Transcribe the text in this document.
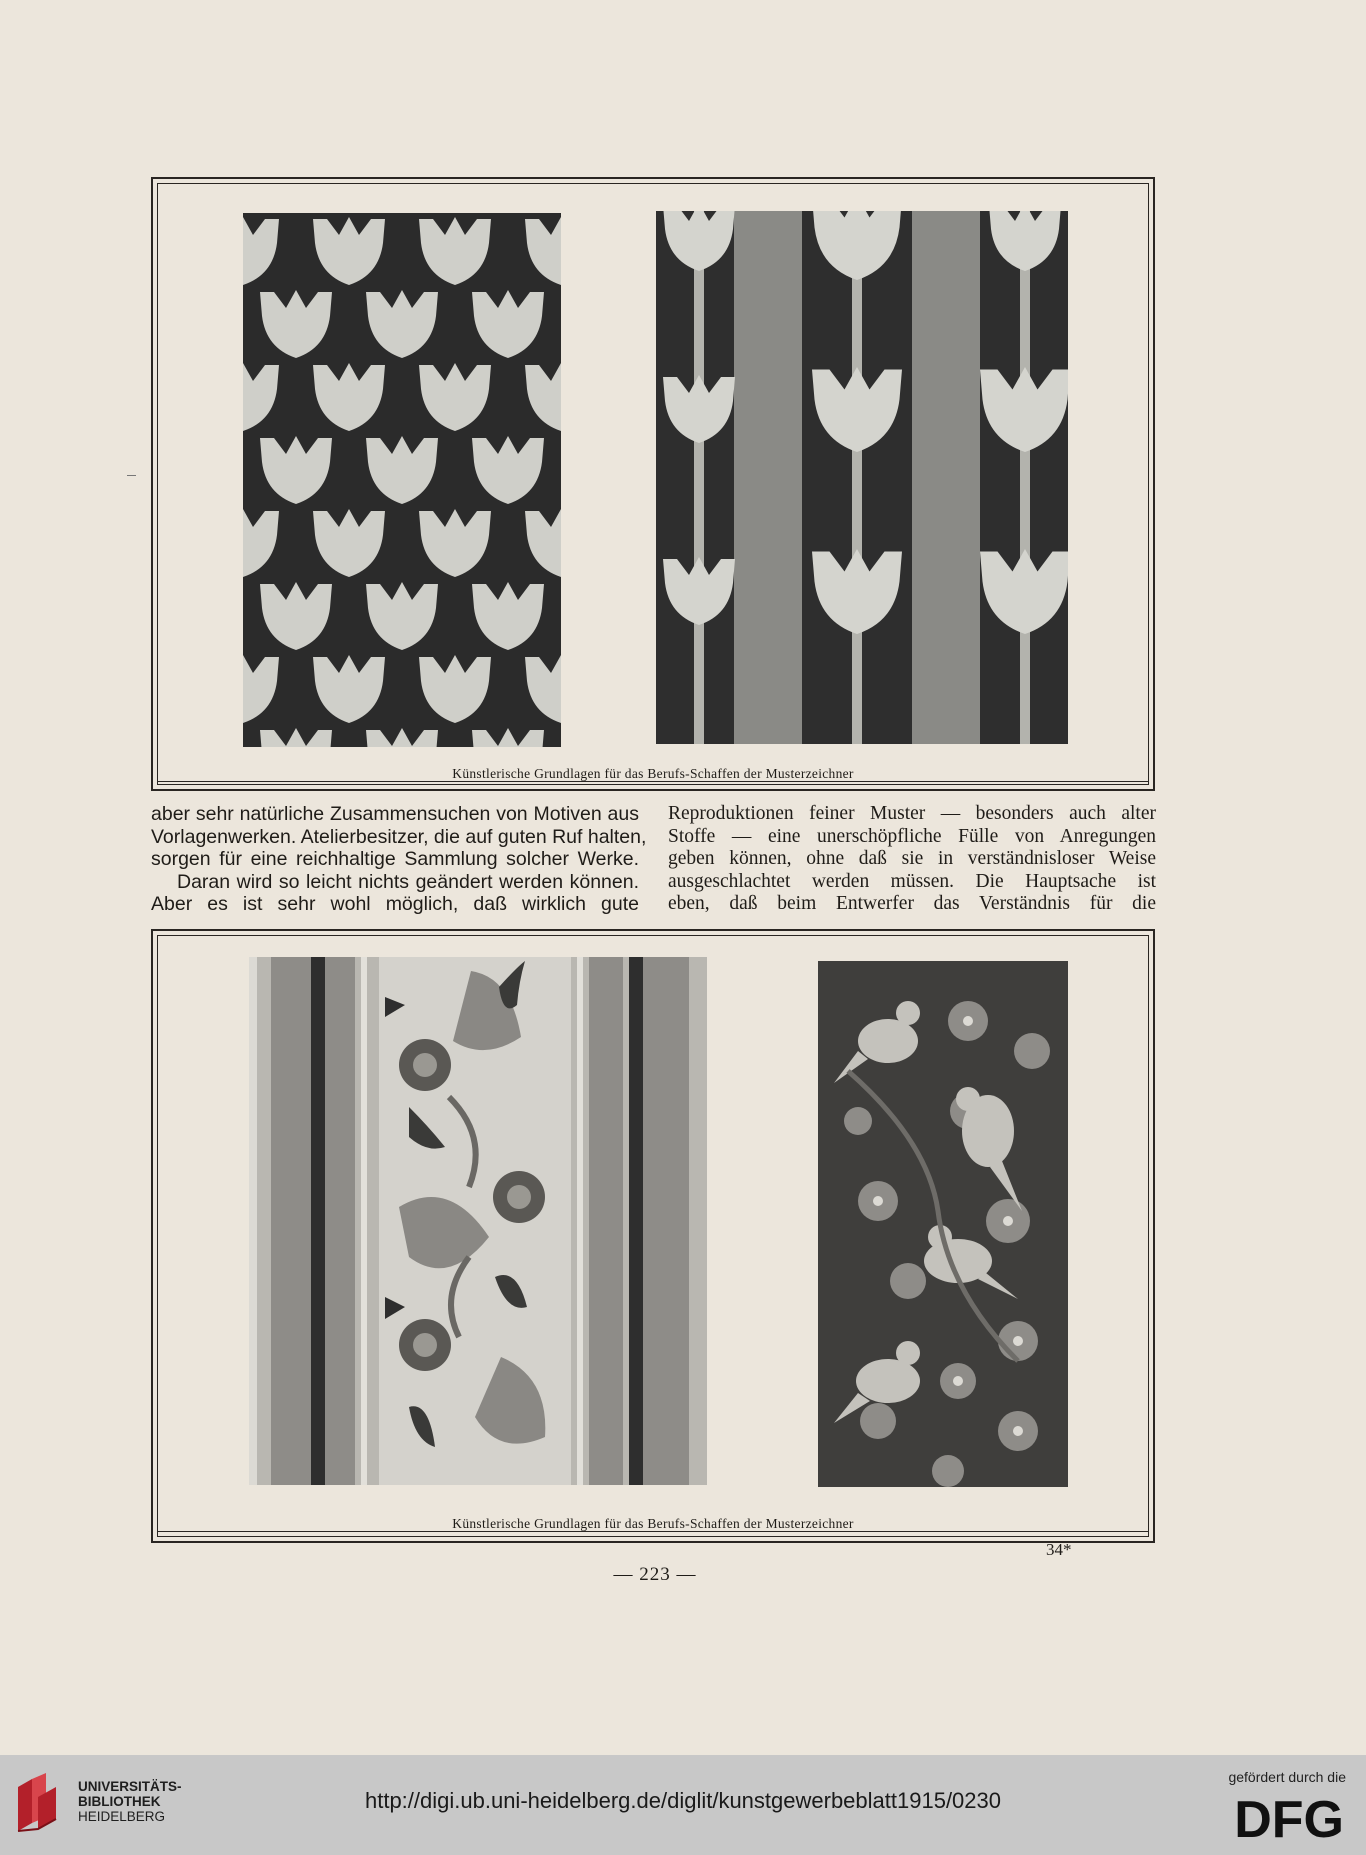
Künstlerische Grundlagen für das Berufs-Schaffen der Musterzeichner
aber sehr natürliche Zusammensuchen von Motiven aus
Vorlagenwerken. Atelierbesitzer, die auf guten Ruf halten,
sorgen für eine reichhaltige Sammlung solcher Werke.
Daran wird so leicht nichts geändert werden können.
Aber es ist sehr wohl möglich, daß wirklich gute
Reproduktionen feiner Muster — besonders auch alter
Stoffe — eine unerschöpfliche Fülle von Anregungen
geben können, ohne daß sie in verständnisloser Weise
ausgeschlachtet werden müssen. Die Hauptsache ist
eben, daß beim Entwerfer das Verständnis für die
Künstlerische Grundlagen für das Berufs-Schaffen der Musterzeichner
34*
— 223 —
UNIVERSITÄTS-
BIBLIOTHEK
HEIDELBERG
http://digi.ub.uni-heidelberg.de/diglit/kunstgewerbeblatt1915/0230
gefördert durch die
DFG
